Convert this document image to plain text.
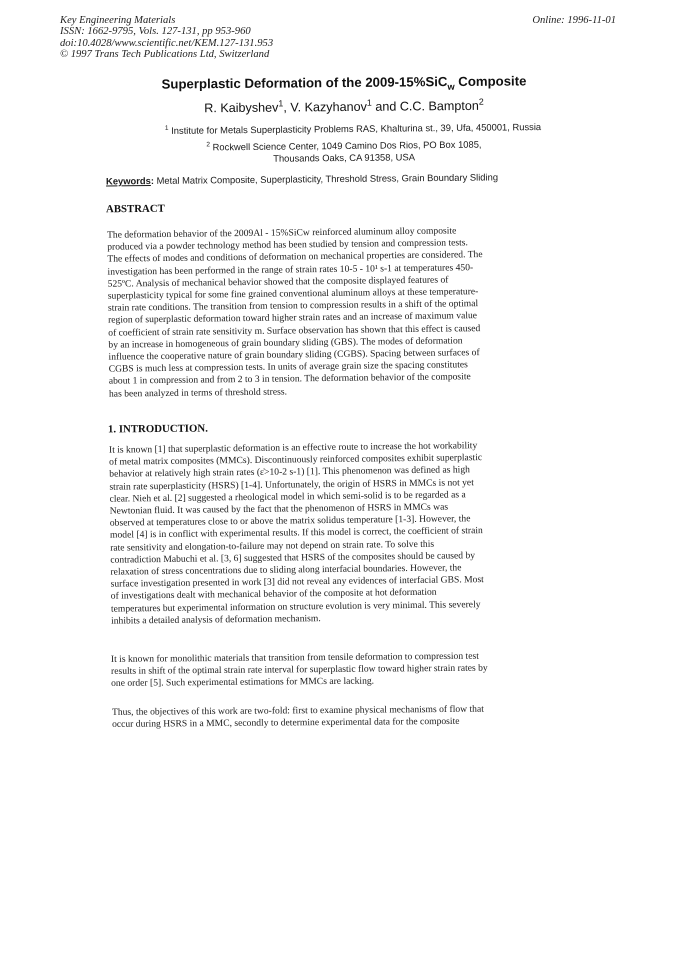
Key Engineering Materials
ISSN: 1662-9795, Vols. 127-131, pp 953-960
doi:10.4028/www.scientific.net/KEM.127-131.953
© 1997 Trans Tech Publications Ltd, Switzerland
Online: 1996-11-01
Superplastic Deformation of the 2009-15%SiC$_w$ Composite
R. Kaibyshev$^1$, V. Kazyhanov$^1$ and C.C. Bampton$^2$
$^1$ Institute for Metals Superplasticity Problems RAS, Khalturina st., 39, Ufa, 450001, Russia
$^2$ Rockwell Science Center, 1049 Camino Dos Rios, PO Box 1085,
Thousands Oaks, CA 91358, USA
Keywords: Metal Matrix Composite, Superplasticity, Threshold Stress, Grain Boundary Sliding
ABSTRACT
The deformation behavior of the 2009Al - 15%SiCw reinforced aluminum alloy composite
produced via a powder technology method has been studied by tension and compression tests.
The effects of modes and conditions of deformation on mechanical properties are considered. The
investigation has been performed in the range of strain rates 10-5 - 10¹ s-1 at temperatures 450-
525ºC. Analysis of mechanical behavior showed that the composite displayed features of
superplasticity typical for some fine grained conventional aluminum alloys at these temperature-
strain rate conditions. The transition from tension to compression results in a shift of the optimal
region of superplastic deformation toward higher strain rates and an increase of maximum value
of coefficient of strain rate sensitivity m. Surface observation has shown that this effect is caused
by an increase in homogeneous of grain boundary sliding (GBS). The modes of deformation
influence the cooperative nature of grain boundary sliding (CGBS). Spacing between surfaces of
CGBS is much less at compression tests. In units of average grain size the spacing constitutes
about 1 in compression and from 2 to 3 in tension. The deformation behavior of the composite
has been analyzed in terms of threshold stress.
1. INTRODUCTION.
It is known [1] that superplastic deformation is an effective route to increase the hot workability
of metal matrix composites (MMCs). Discontinuously reinforced composites exhibit superplastic
behavior at relatively high strain rates (ε̇>10-2 s-1) [1]. This phenomenon was defined as high
strain rate superplasticity (HSRS) [1-4]. Unfortunately, the origin of HSRS in MMCs is not yet
clear. Nieh et al. [2] suggested a rheological model in which semi-solid is to be regarded as a
Newtonian fluid. It was caused by the fact that the phenomenon of HSRS in MMCs was
observed at temperatures close to or above the matrix solidus temperature [1-3]. However, the
model [4] is in conflict with experimental results. If this model is correct, the coefficient of strain
rate sensitivity and elongation-to-failure may not depend on strain rate. To solve this
contradiction Mabuchi et al. [3, 6] suggested that HSRS of the composites should be caused by
relaxation of stress concentrations due to sliding along interfacial boundaries. However, the
surface investigation presented in work [3] did not reveal any evidences of interfacial GBS. Most
of investigations dealt with mechanical behavior of the composite at hot deformation
temperatures but experimental information on structure evolution is very minimal. This severely
inhibits a detailed analysis of deformation mechanism.
It is known for monolithic materials that transition from tensile deformation to compression test
results in shift of the optimal strain rate interval for superplastic flow toward higher strain rates by
one order [5]. Such experimental estimations for MMCs are lacking.
Thus, the objectives of this work are two-fold: first to examine physical mechanisms of flow that
occur during HSRS in a MMC, secondly to determine experimental data for the composite
